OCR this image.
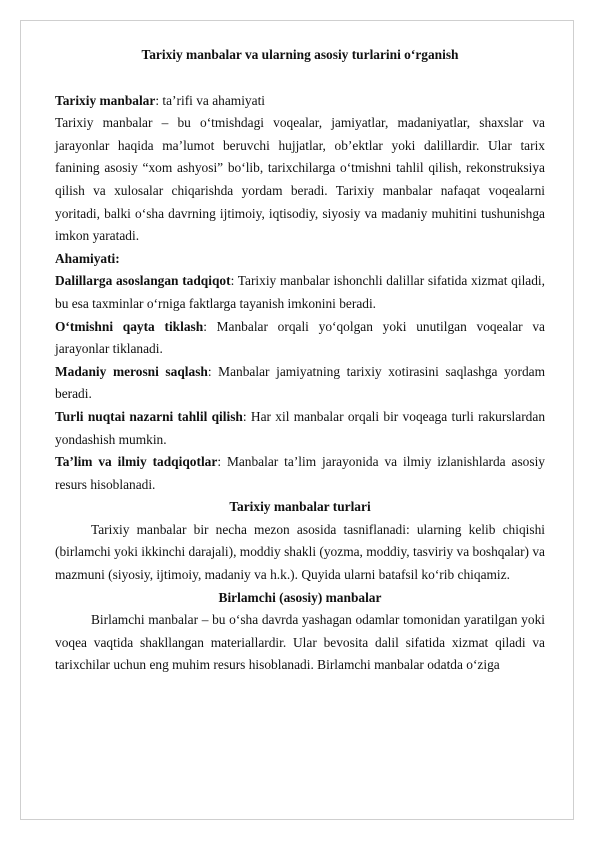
Tarixiy manbalar va ularning asosiy turlarini o‘rganish

Tarixiy manbalar: ta’rifi va ahamiyati

Tarixiy manbalar – bu o‘tmishdagi voqealar, jamiyatlar, madaniyatlar, shaxslar va jarayonlar haqida ma’lumot beruvchi hujjatlar, ob’ektlar yoki dalillardir. Ular tarix fanining asosiy “xom ashyosi” bo‘lib, tarixchilarga o‘tmishni tahlil qilish, rekonstruksiya qilish va xulosalar chiqarishda yordam beradi. Tarixiy manbalar nafaqat voqealarni yoritadi, balki o‘sha davrning ijtimoiy, iqtisodiy, siyosiy va madaniy muhitini tushunishga imkon yaratadi.

Ahamiyati:

Dalillarga asoslangan tadqiqot: Tarixiy manbalar ishonchli dalillar sifatida xizmat qiladi, bu esa taxminlar o‘rniga faktlarga tayanish imkonini beradi.

O‘tmishni qayta tiklash: Manbalar orqali yo‘qolgan yoki unutilgan voqealar va jarayonlar tiklanadi.

Madaniy merosni saqlash: Manbalar jamiyatning tarixiy xotirasini saqlashga yordam beradi.

Turli nuqtai nazarni tahlil qilish: Har xil manbalar orqali bir voqeaga turli rakurslardan yondashish mumkin.

Ta’lim va ilmiy tadqiqotlar: Manbalar ta’lim jarayonida va ilmiy izlanishlarda asosiy resurs hisoblanadi.

Tarixiy manbalar turlari

Tarixiy manbalar bir necha mezon asosida tasniflanadi: ularning kelib chiqishi (birlamchi yoki ikkinchi darajali), moddiy shakli (yozma, moddiy, tasviriy va boshqalar) va mazmuni (siyosiy, ijtimoiy, madaniy va h.k.). Quyida ularni batafsil ko‘rib chiqamiz.

Birlamchi (asosiy) manbalar

Birlamchi manbalar – bu o‘sha davrda yashagan odamlar tomonidan yaratilgan yoki voqea vaqtida shakllangan materiallardir. Ular bevosita dalil sifatida xizmat qiladi va tarixchilar uchun eng muhim resurs hisoblanadi. Birlamchi manbalar odatda o‘ziga
